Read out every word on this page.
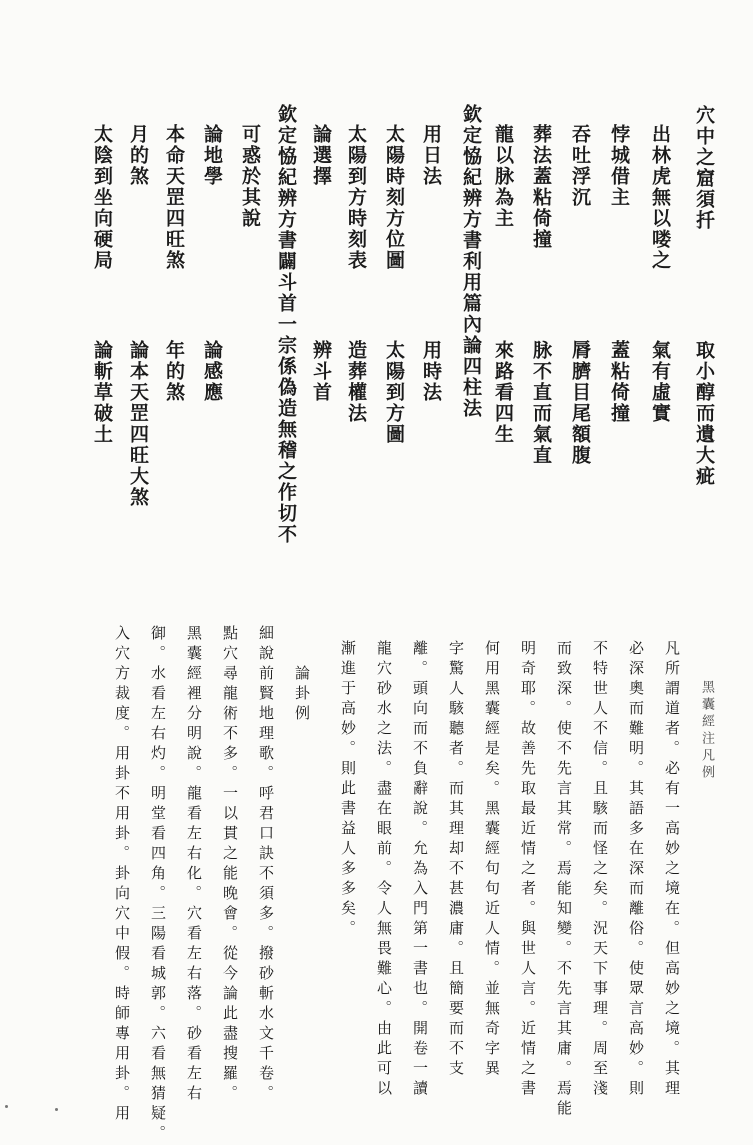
穴中之窟須扦
出林虎無以喽之
悖城借主
吞吐浮沉
葬法蓋粘倚撞
龍以脉為主
欽定恊紀辨方書利用篇內論四柱法
用日法
太陽時刻方位圖
太陽到方時刻表
論選擇
欽定恊紀辨方書闢斗首一宗係偽造無稽之作切不
可惑於其說
論地學
本命天罡四旺煞
月的煞
太陰到坐向硬局
取小醇而遺大疵
氣有虛實
蓋粘倚撞
脣臍目尾額腹
脉不直而氣直
來路看四生
用時法
太陽到方圖
造葬權法
辨斗首
論感應
年的煞
論本天罡四旺大煞
論斬草破土
黑囊經注凡例
凡所謂道者。必有一高妙之境在。但高妙之境。其理
必深奧而難明。其語多在深而離俗。使眾言高妙。則
不特世人不信。且駭而怪之矣。況天下事理。周至淺
而致深。使不先言其常。焉能知變。不先言其庸。焉能
明奇耶。故善先取最近情之者。與世人言。近情之書
何用黑囊經是矣。黑囊經句句近人情。並無奇字異
字驚人駭聽者。而其理却不甚濃庸。且簡要而不支
離。頭向而不負辭說。允為入門第一書也。開卷一讀
龍穴砂水之法。盡在眼前。令人無畏難心。由此可以
漸進于高妙。則此書益人多多矣。
論卦例
細說前賢地理歌。呼君口訣不須多。撥砂斬水文千卷。
點穴尋龍術不多。一以貫之能晚會。從今論此盡搜羅。
黑囊經裡分明說。龍看左右化。穴看左右落。砂看左右
御。水看左右灼。明堂看四角。三陽看城郭。六看無猜疑。
入穴方裁度。用卦不用卦。卦向穴中假。時師專用卦。用
